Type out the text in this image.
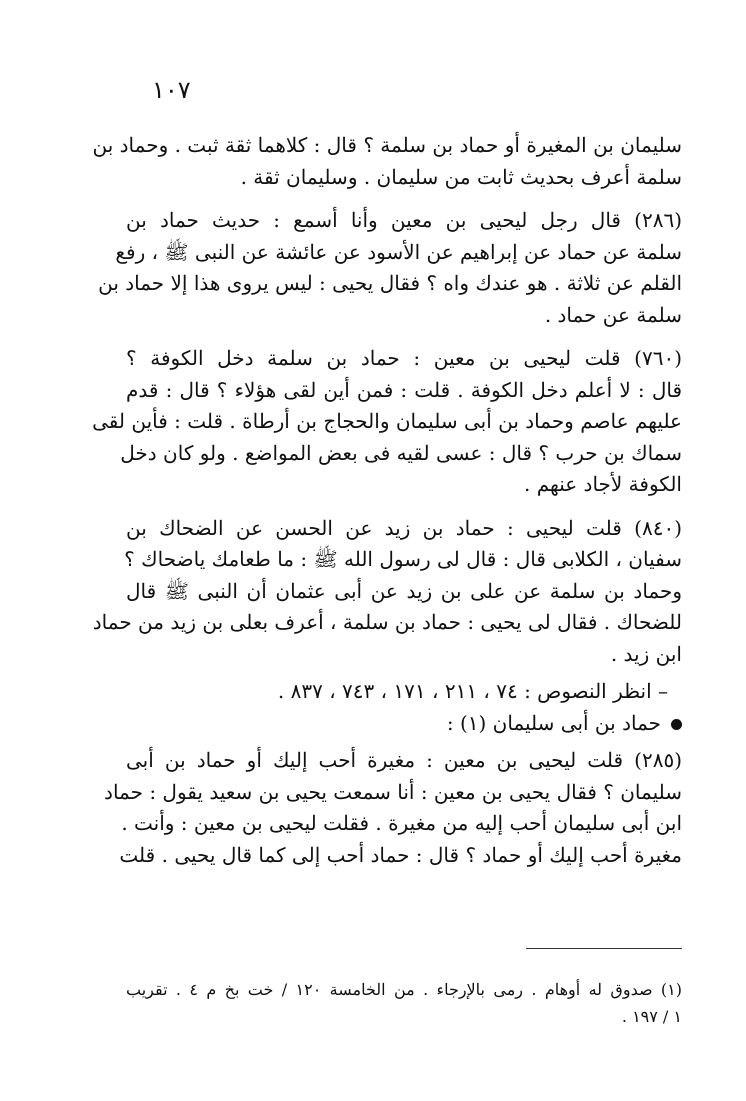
١٠٧
سليمان بن المغيرة أو حماد بن سلمة ؟ قال : كلاهما ثقة ثبت . وحماد بن
سلمة أعرف بحديث ثابت من سليمان . وسليمان ثقة .
(٢٨٦) قال رجل ليحيى بن معين وأنا أسمع : حديث حماد بن
سلمة عن حماد عن إبراهيم عن الأسود عن عائشة عن النبى ﷺ ، رفع
القلم عن ثلاثة . هو عندك واه ؟ فقال يحيى : ليس يروى هذا إلا حماد بن
سلمة عن حماد .
(٧٦٠) قلت ليحيى بن معين : حماد بن سلمة دخل الكوفة ؟
قال : لا أعلم دخل الكوفة . قلت : فمن أين لقى هؤلاء ؟ قال : قدم
عليهم عاصم وحماد بن أبى سليمان والحجاج بن أرطاة . قلت : فأين لقى
سماك بن حرب ؟ قال : عسى لقيه فى بعض المواضع . ولو كان دخل
الكوفة لأجاد عنهم .
(٨٤٠) قلت ليحيى : حماد بن زيد عن الحسن عن الضحاك بن
سفيان ، الكلابى قال : قال لى رسول الله ﷺ : ما طعامك ياضحاك ؟
وحماد بن سلمة عن على بن زيد عن أبى عثمان أن النبى ﷺ قال
للضحاك . فقال لى يحيى : حماد بن سلمة ، أعرف بعلى بن زيد من حماد
ابن زيد .
– انظر النصوص : ٧٤ ، ٢١١ ، ١٧١ ، ٧٤٣ ، ٨٣٧ .
حماد بن أبى سليمان (١) :
(٢٨٥) قلت ليحيى بن معين : مغيرة أحب إليك أو حماد بن أبى
سليمان ؟ فقال يحيى بن معين : أنا سمعت يحيى بن سعيد يقول : حماد
ابن أبى سليمان أحب إليه من مغيرة . فقلت ليحيى بن معين : وأنت .
مغيرة أحب إليك أو حماد ؟ قال : حماد أحب إلى كما قال يحيى . قلت
(١) صدوق له أوهام . رمى بالإرجاء . من الخامسة ١٢٠ / خت بخ م ٤ . تقريب
١ / ١٩٧ .
